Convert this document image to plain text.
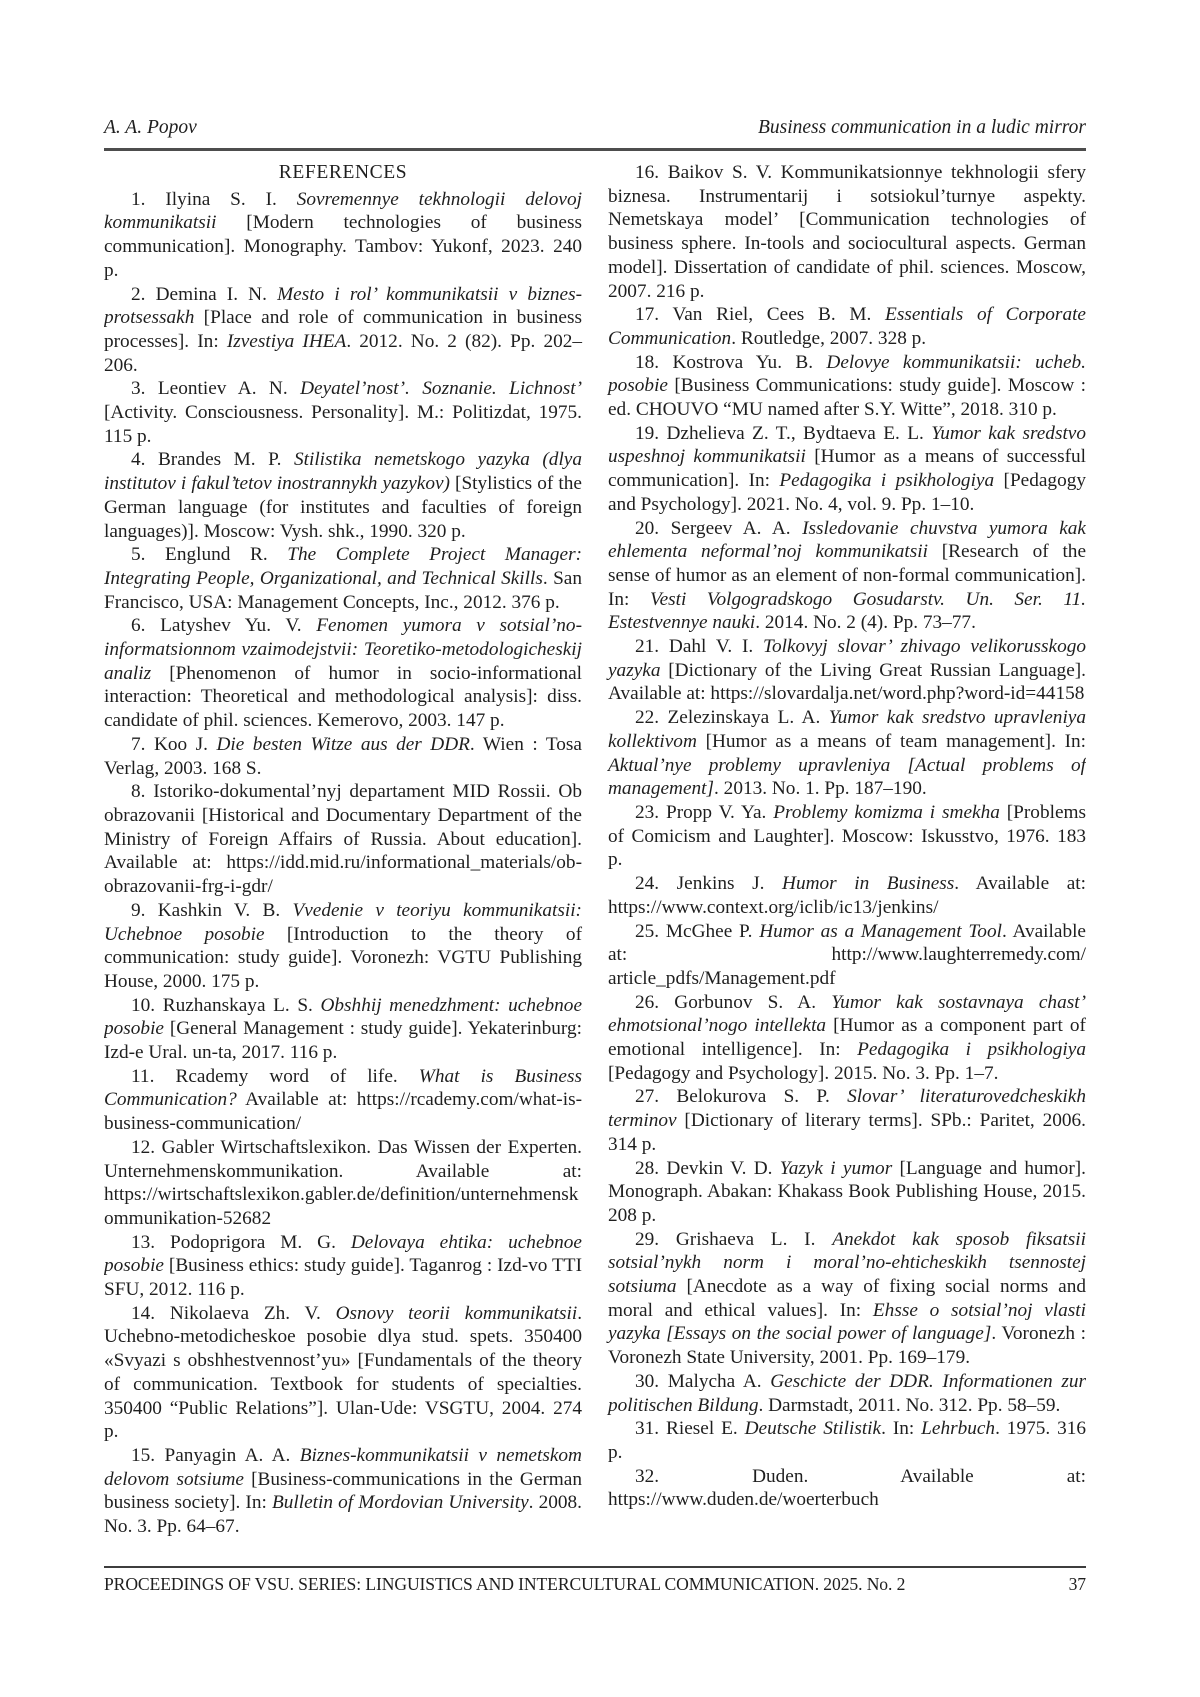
A. A. Popov	Business communication in a ludic mirror

REFERENCES

1. Ilyina S. I. Sovremennye tekhnologii delovoj kommunikatsii [Modern technologies of business communication]. Monography. Tambov: Yukonf, 2023. 240 p.

2. Demina I. N. Mesto i rol’ kommunikatsii v biznes-protsessakh [Place and role of communication in business processes]. In: Izvestiya IHEA. 2012. No. 2 (82). Pp. 202–206.

3. Leontiev A. N. Deyatel’nost’. Soznanie. Lichnost’ [Activity. Consciousness. Personality]. M.: Politizdat, 1975. 115 p.

4. Brandes M. P. Stilistika nemetskogo yazyka (dlya institutov i fakul’tetov inostrannykh yazykov) [Stylistics of the German language (for institutes and faculties of foreign languages)]. Moscow: Vysh. shk., 1990. 320 p.

5. Englund R. The Complete Project Manager: Integrating People, Organizational, and Technical Skills. San Francisco, USA: Management Concepts, Inc., 2012. 376 p.

6. Latyshev Yu. V. Fenomen yumora v sotsial’no-informatsionnom vzaimodejstvii: Teoretiko-metodologicheskij analiz [Phenomenon of humor in socio-informational interaction: Theoretical and methodological analysis]: diss. candidate of phil. sciences. Kemerovo, 2003. 147 p.

7. Koo J. Die besten Witze aus der DDR. Wien : Tosa Verlag, 2003. 168 S.

8. Istoriko-dokumental’nyj departament MID Rossii. Ob obrazovanii [Historical and Documentary Department of the Ministry of Foreign Affairs of Russia. About education]. Available at: https://idd.mid.ru/informational_materials/ob-obrazovanii-frg-i-gdr/

9. Kashkin V. B. Vvedenie v teoriyu kommunikatsii: Uchebnoe posobie [Introduction to the theory of communication: study guide]. Voronezh: VGTU Publishing House, 2000. 175 p.

10. Ruzhanskaya L. S. Obshhij menedzhment: uchebnoe posobie [General Management : study guide]. Yekaterinburg: Izd-e Ural. un-ta, 2017. 116 p.

11. Rcademy word of life. What is Business Communication? Available at: https://rcademy.com/what-is-business-communication/

12. Gabler Wirtschaftslexikon. Das Wissen der Experten. Unternehmenskommunikation. Available at: https://wirtschaftslexikon.gabler.de/definition/unternehmenskommunikation-52682

13. Podoprigora M. G. Delovaya ehtika: uchebnoe posobie [Business ethics: study guide]. Taganrog : Izd-vo TTI SFU, 2012. 116 p.

14. Nikolaeva Zh. V. Osnovy teorii kommunikatsii. Uchebno-metodicheskoe posobie dlya stud. spets. 350400 «Svyazi s obshhestvennost’yu» [Fundamentals of the theory of communication. Textbook for students of specialties. 350400 “Public Relations”]. Ulan-Ude: VSGTU, 2004. 274 p.

15. Panyagin A. A. Biznes-kommunikatsii v nemetskom delovom sotsiume [Business-communications in the German business society]. In: Bulletin of Mordovian University. 2008. No. 3. Pp. 64–67.

16. Baikov S. V. Kommunikatsionnye tekhnologii sfery biznesa. Instrumentarij i sotsiokul’turnye aspekty. Nemetskaya model’ [Communication technologies of business sphere. In-tools and sociocultural aspects. German model]. Dissertation of candidate of phil. sciences. Moscow, 2007. 216 p.

17. Van Riel, Cees B. M. Essentials of Corporate Communication. Routledge, 2007. 328 p.

18. Kostrova Yu. B. Delovye kommunikatsii: ucheb. posobie [Business Communications: study guide]. Moscow : ed. CHOUVO “MU named after S.Y. Witte”, 2018. 310 p.

19. Dzhelieva Z. T., Bydtaeva E. L. Yumor kak sredstvo uspeshnoj kommunikatsii [Humor as a means of successful communication]. In: Pedagogika i psikhologiya [Pedagogy and Psychology]. 2021. No. 4, vol. 9. Pp. 1–10.

20. Sergeev A. A. Issledovanie chuvstva yumora kak ehlementa neformal’noj kommunikatsii [Research of the sense of humor as an element of non-formal communication]. In: Vesti Volgogradskogo Gosudarstv. Un. Ser. 11. Estestvennye nauki. 2014. No. 2 (4). Pp. 73–77.

21. Dahl V. I. Tolkovyj slovar’ zhivago velikorusskogo yazyka [Dictionary of the Living Great Russian Language]. Available at: https://slovardalja.net/word.php?word-id=44158

22. Zelezinskaya L. A. Yumor kak sredstvo upravleniya kollektivom [Humor as a means of team management]. In: Aktual’nye problemy upravleniya [Actual problems of management]. 2013. No. 1. Pp. 187–190.

23. Propp V. Ya. Problemy komizma i smekha [Problems of Comicism and Laughter]. Moscow: Iskusstvo, 1976. 183 p.

24. Jenkins J. Humor in Business. Available at: https://www.context.org/iclib/ic13/jenkins/

25. McGhee P. Humor as a Management Tool. Available at: http://www.laughterremedy.com/ article_pdfs/Management.pdf

26. Gorbunov S. A. Yumor kak sostavnaya chast’ ehmotsional’nogo intellekta [Humor as a component part of emotional intelligence]. In: Pedagogika i psikhologiya [Pedagogy and Psychology]. 2015. No. 3. Pp. 1–7.

27. Belokurova S. P. Slovar’ literaturovedcheskikh terminov [Dictionary of literary terms]. SPb.: Paritet, 2006. 314 p.

28. Devkin V. D. Yazyk i yumor [Language and humor]. Monograph. Abakan: Khakass Book Publishing House, 2015. 208 p.

29. Grishaeva L. I. Anekdot kak sposob fiksatsii sotsial’nykh norm i moral’no-ehticheskikh tsennostej sotsiuma [Anecdote as a way of fixing social norms and moral and ethical values]. In: Ehsse o sotsial’noj vlasti yazyka [Essays on the social power of language]. Voronezh : Voronezh State University, 2001. Pp. 169–179.

30. Malycha A. Geschicte der DDR. Informationen zur politischen Bildung. Darmstadt, 2011. No. 312. Pp. 58–59.

31. Riesel E. Deutsche Stilistik. In: Lehrbuch. 1975. 316 p.

32. Duden. Available at: https://www.duden.de/woerterbuch

PROCEEDINGS OF VSU. SERIES: LINGUISTICS AND INTERCULTURAL COMMUNICATION. 2025. No. 2	37
